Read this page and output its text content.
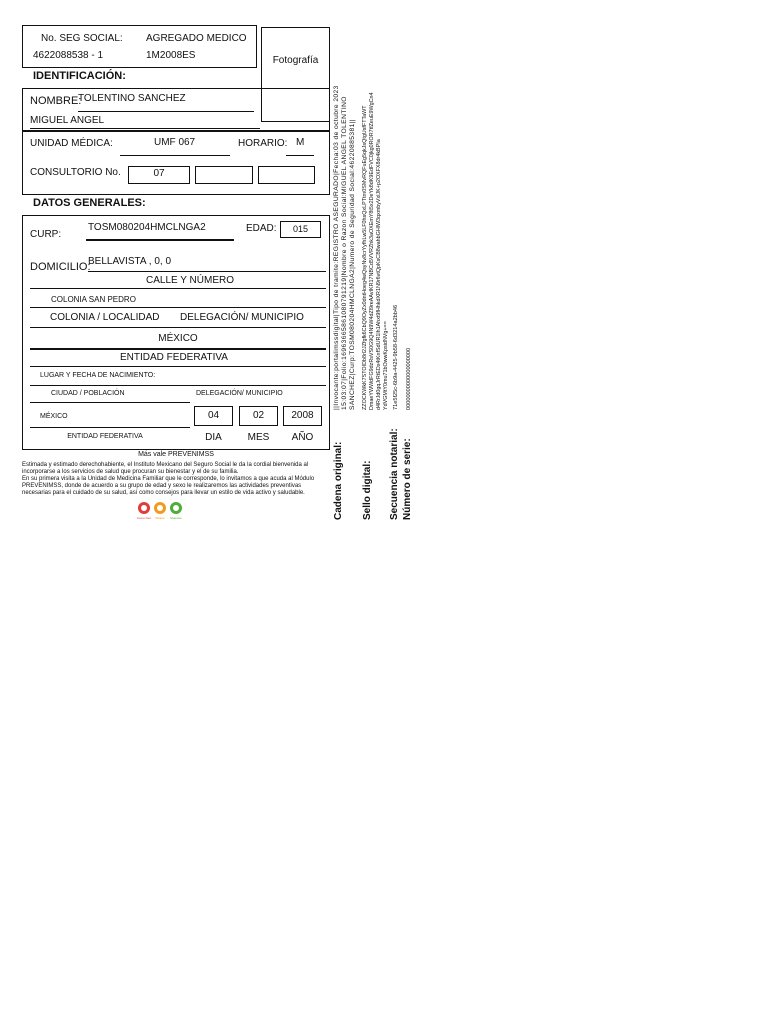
No. SEG SOCIAL: AGREGADO MEDICO
4622088538 - 1	1M2008ES	Fotografía
IDENTIFICACIÓN:
NOMBRE:
TOLENTINO SANCHEZ
MIGUEL ANGEL
UNIDAD MÉDICA:	UMF 067	HORARIO: M
CONSULTORIO No.	07
DATOS GENERALES:
CURP:
TOSM080204HMCLNGA2	EDAD:	015
DOMICILIO:
BELLAVISTA , 0, 0
CALLE Y NÚMERO
COLONIA SAN PEDRO
COLONIA / LOCALIDAD DELEGACIÓN/ MUNICIPIO
MÉXICO
ENTIDAD FEDERATIVA
LUGAR Y FECHA DE NACIMIENTO:
CIUDAD / POBLACIÓN	DELEGACIÓN/ MUNICIPIO
MÉXICO
ENTIDAD FEDERATIVA
04	02	2008
DIA	MES	AÑO
Más vale PREVENIMSS

Estimada y estimado derechohabiente, el Instituto Mexicano del Seguro Social le da la cordial bienvenida al incorporarse a los servicios de salud que procuran su bienestar y el de su familia.

En su primera visita a la Unidad de Medicina Familiar que le corresponde, lo invitamos a que acuda al Módulo PREVENIMSS, donde de acuerdo a su grupo de edad y sexo le realizaremos las actividades preventivas necesarias para el cuidado de su salud, así como consejos para llevar un estilo de vida activo y saludable.

Come bien	Mídete	Muévete	Cadena original:
||Invocante:portalimssdigital|Tipo de tramite:REGISTRO ASEGURADO|Fecha:03 de octubre 2023 15:03:07|Folio:16963665861080791219|Nombre o Razon Social:MIGUEL ANGEL TOLENTINO SANCHEZ|Curp:TOSM080204HMCLNGA2|Numero de Seguridad Social:46220885381||
Sello digital:
ZZOCKWkK7STOIDb8rl2JZfgfk6CbQ9OyZx0dntHoeg4wQsyNv8crYyfhLw5LF0hsQxLPTtrn0SMvRQFuEg5qkJsQtgUsfFTTaWT DmaeYWWdFG9dzRsVS0G9Q4N9W4dZl9reAAvIKR17NBCd5VVRZhk3aOXEmY8t5x2DeYk8dK9EdFVC0jkg0ROR7tfZeuE9WgCn4 d4RrJd0gqJrRtEDx4tKnfSdUR1lh1Ahxt9fHhkdXR1N9r6vtQpKsCB8wahbGHlW3qxmbyVxlJK+p2OXFX8dr4kBPIa YdVGMtY0mu71bOwwKpsidNVg+==
Secuencia notarial:
71e5f25c-6b9a-4425-9b58-6d3214a2bb46
Número de serie:
00000000000000000000
